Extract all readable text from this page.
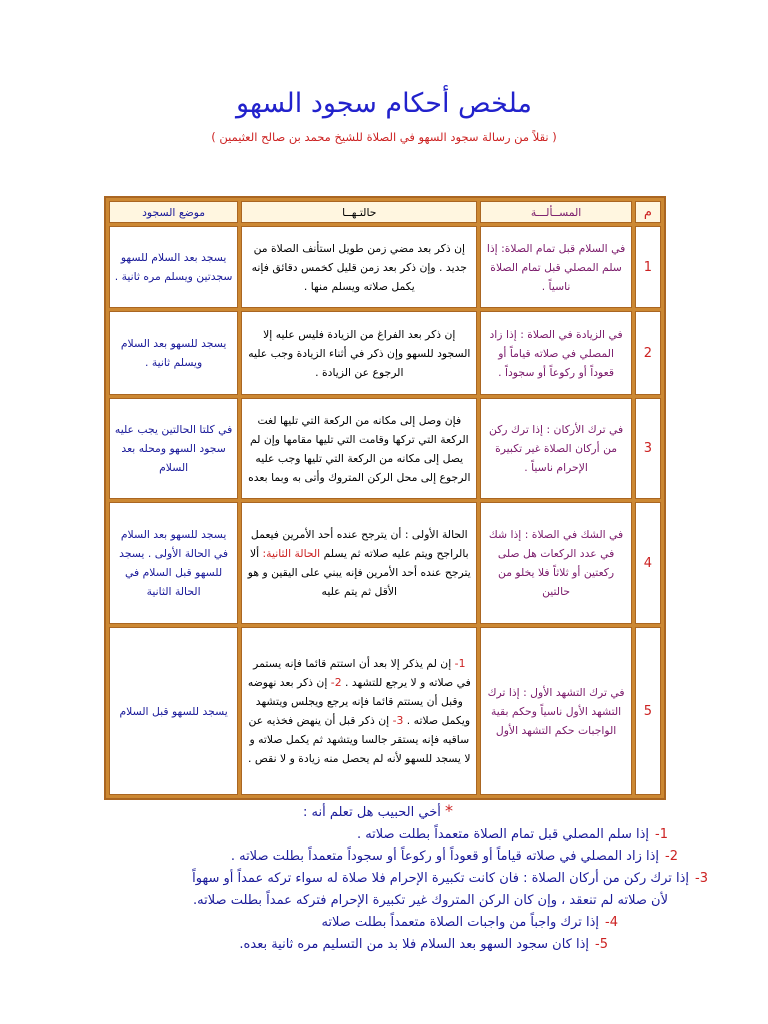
ملخص أحكام سجود السهو
( نقلاً من رسالة سجود السهو في الصلاة للشيخ محمد بن صالح العثيمين )
م	المســألـــة	حالتـهــا	موضع السجود
1	في السلام قبل تمام الصلاة: إذا سلم المصلي قبل تمام الصلاة ناسياً .	إن ذكر بعد مضي زمن طويل استأنف الصلاة من جديد . وإن ذكر بعد زمن قليل كخمس دقائق فإنه يكمل صلاته ويسلم منها .	يسجد بعد السلام للسهو سجدتين ويسلم مره ثانية .
2	في الزيادة في الصلاة : إذا زاد المصلي في صلاته قياماً أو قعوداً أو ركوعاً أو سجوداً .	إن ذكر بعد الفراغ من الزيادة فليس عليه إلا السجود للسهو وإن ذكر في أثناء الزيادة وجب عليه الرجوع عن الزيادة .	يسجد للسهو بعد السلام ويسلم ثانية .
3	في ترك الأركان : إذا ترك ركن من أركان الصلاة غير تكبيرة الإحرام ناسياً .	فإن وصل إلى مكانه من الركعة التي تليها لغت الركعة التي تركها وقامت التي تليها مقامها وإن لم يصل إلى مكانه من الركعة التي تليها وجب عليه الرجوع إلى محل الركن المتروك وأتى به وبما بعده	في كلتا الحالتين يجب عليه سجود السهو ومحله بعد السلام
4	في الشك في الصلاة : إذا شك في عدد الركعات هل صلى ركعتين أو ثلاثاً فلا يخلو من حالتين	الحالة الأولى : أن يترجح عنده أحد الأمرين فيعمل بالراجح ويتم عليه صلاته ثم يسلم الحالة الثانية: ألا يترجح عنده أحد الأمرين فإنه يبني على اليقين و هو الأقل ثم يتم عليه	يسجد للسهو بعد السلام في الحالة الأولى . يسجد للسهو قبل السلام في الحالة الثانية
5	في ترك التشهد الأول : إذا ترك التشهد الأول ناسياً وحكم بقية الواجبات حكم التشهد الأول	1- إن لم يذكر إلا بعد أن استتم قائما فإنه يستمر في صلاته و لا يرجع للتشهد . 2- إن ذكر بعد نهوضه وقبل أن يستتم قائما فإنه يرجع ويجلس ويتشهد ويكمل صلاته . 3- إن ذكر قبل أن ينهض فخذيه عن ساقيه فإنه يستقر جالسا ويتشهد ثم يكمل صلاته و لا يسجد للسهو لأنه لم يحصل منه زيادة و لا نقص .	يسجد للسهو قبل السلام

* أخي الحبيب هل تعلم أنه :

1-إذا سلم المصلي قبل تمام الصلاة متعمداً بطلت صلاته .

2-إذا زاد المصلي في صلاته قياماً أو قعوداً أو ركوعاً أو سجوداً متعمداً بطلت صلاته .

3-إذا ترك ركن من أركان الصلاة : فان كانت تكبيرة الإحرام فلا صلاة له سواء تركه عمداً أو سهواً

لأن صلاته لم تنعقد ، وإن كان الركن المتروك غير تكبيرة الإحرام فتركه عمداً بطلت صلاته.

4-إذا ترك واجباً من واجبات الصلاة متعمداً بطلت صلاته

5-إذا كان سجود السهو بعد السلام فلا بد من التسليم مره ثانية بعده.
